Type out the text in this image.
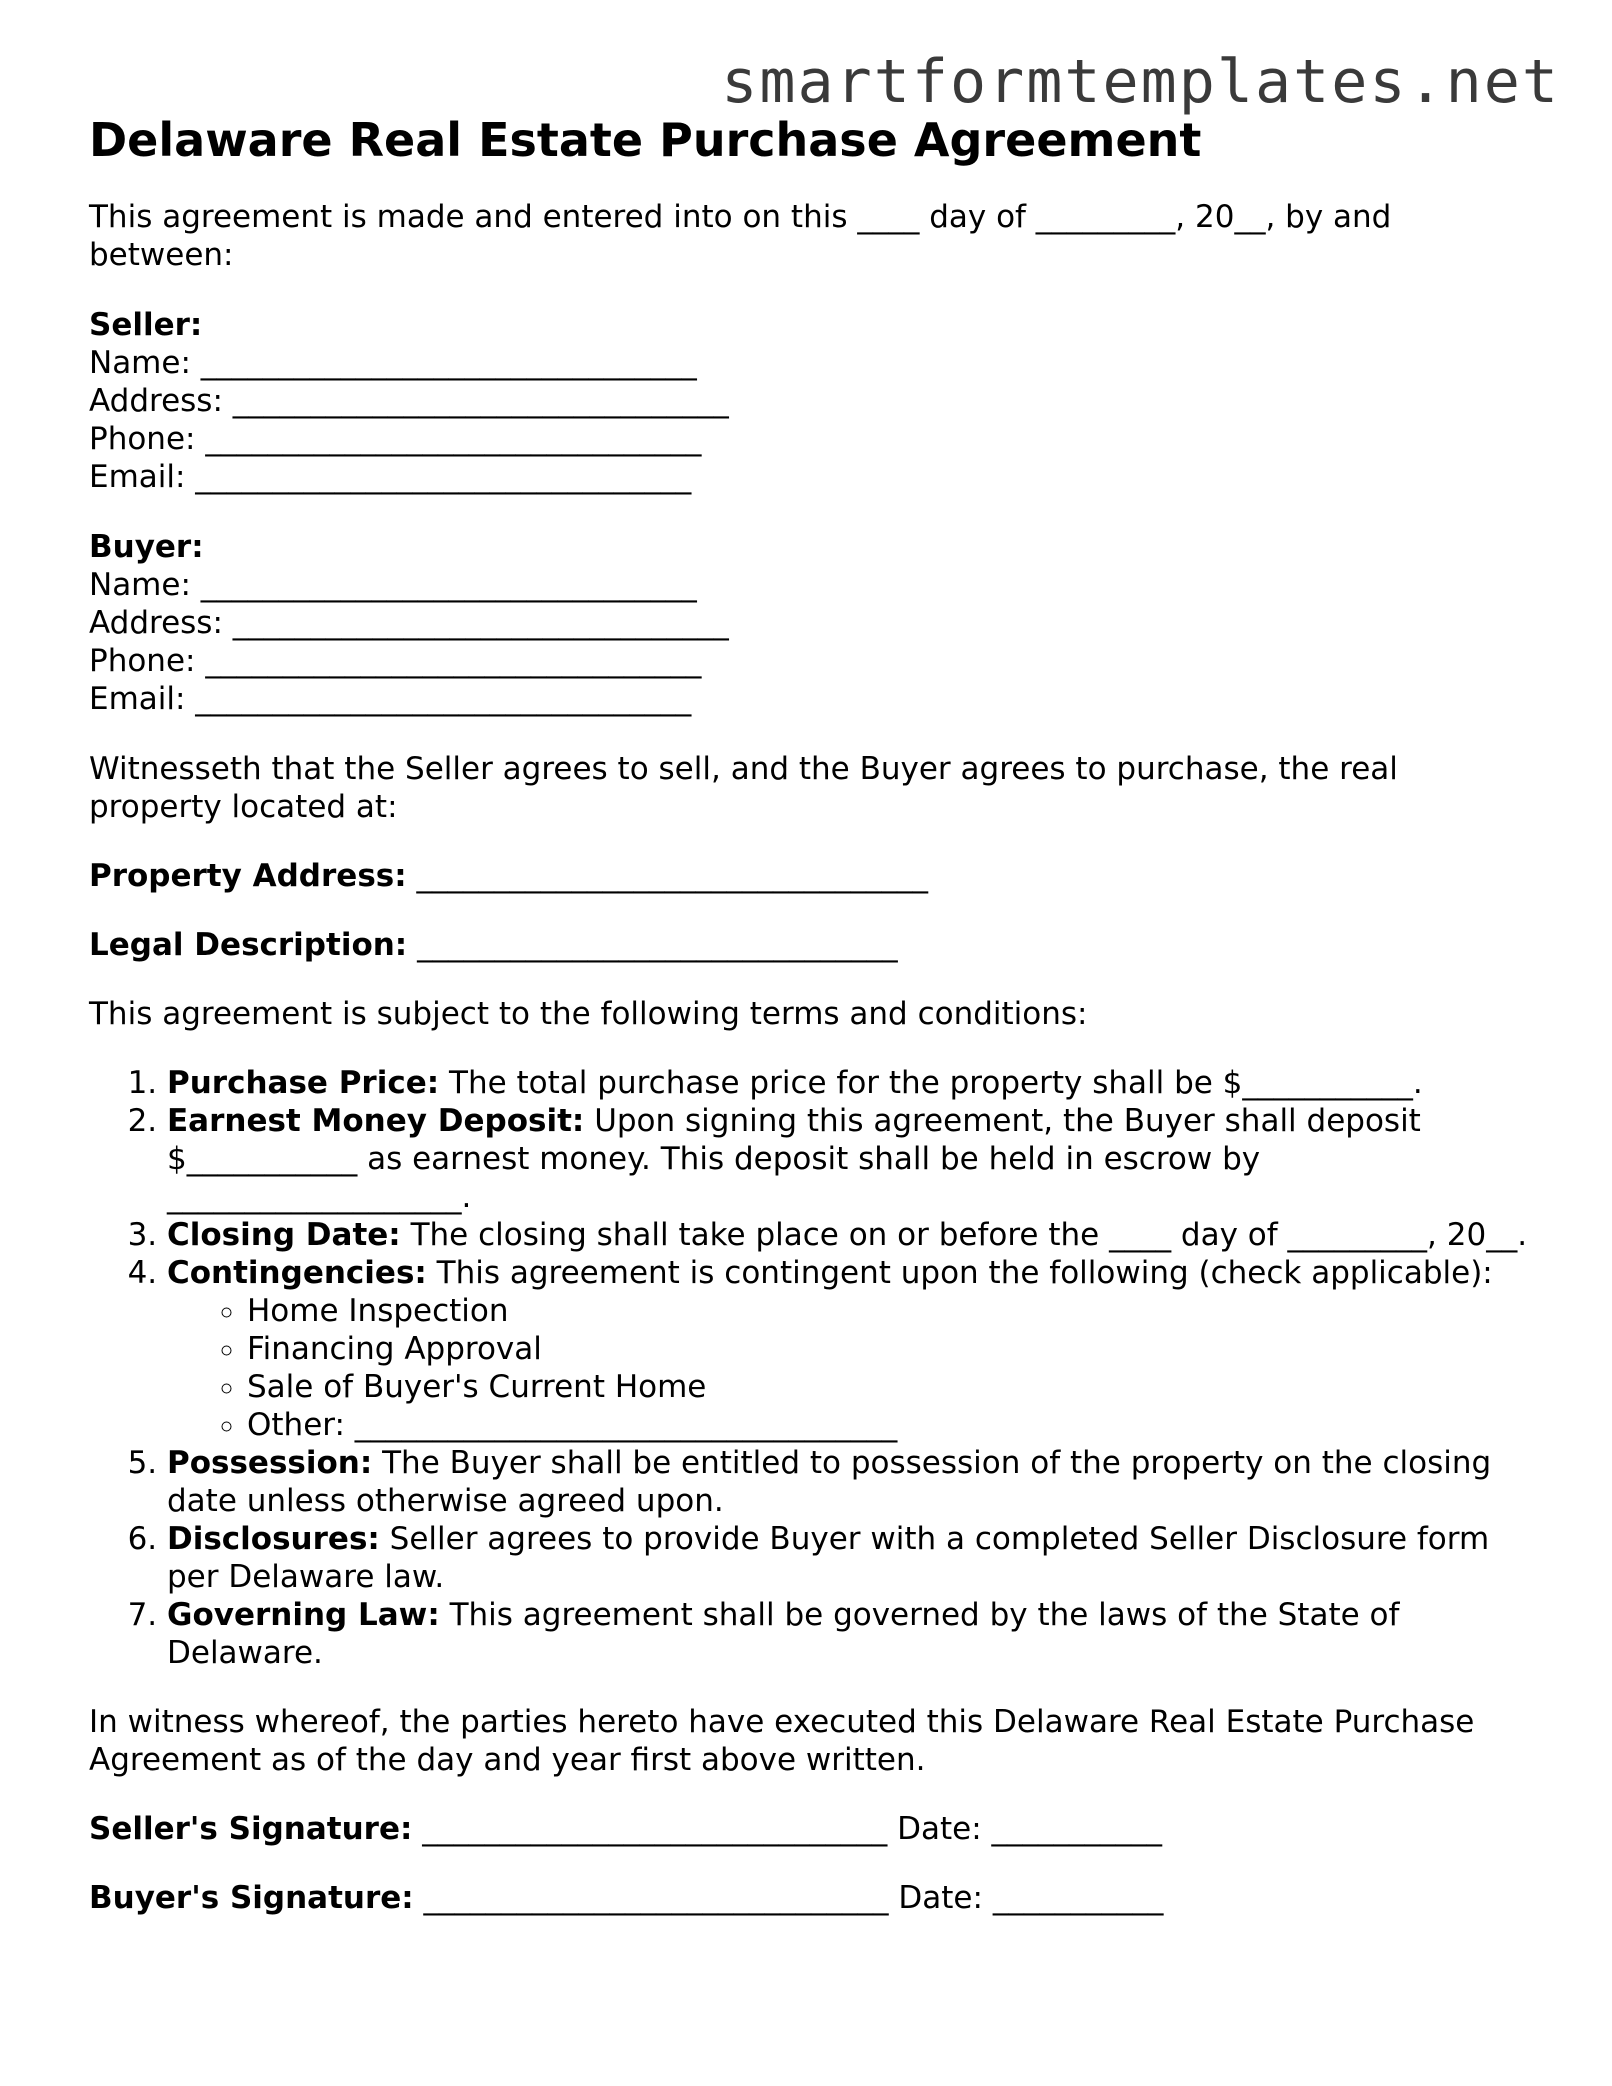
smartformtemplates.net
Delaware Real Estate Purchase Agreement

This agreement is made and entered into on this ____ day of _________, 20__, by and between:

Seller:
Name: ________________________________
Address: ________________________________
Phone: ________________________________
Email: ________________________________
Buyer:
Name: ________________________________
Address: ________________________________
Phone: ________________________________
Email: ________________________________

Witnesseth that the Seller agrees to sell, and the Buyer agrees to purchase, the real property located at:

Property Address: _________________________________

Legal Description: _______________________________

This agreement is subject to the following terms and conditions:

1. Purchase Price: The total purchase price for the property shall be $___________.
2. Earnest Money Deposit: Upon signing this agreement, the Buyer shall deposit $___________ as earnest money. This deposit shall be held in escrow by ___________________.
3. Closing Date: The closing shall take place on or before the ____ day of _________, 20__.
4. Contingencies: This agreement is contingent upon the following (check applicable):
◦ Home Inspection
◦ Financing Approval
◦ Sale of Buyer's Current Home
◦ Other: ___________________________________
5. Possession: The Buyer shall be entitled to possession of the property on the closing date unless otherwise agreed upon.
6. Disclosures: Seller agrees to provide Buyer with a completed Seller Disclosure form per Delaware law.
7. Governing Law: This agreement shall be governed by the laws of the State of Delaware.

In witness whereof, the parties hereto have executed this Delaware Real Estate Purchase Agreement as of the day and year first above written.

Seller's Signature: ______________________________ Date: ___________

Buyer's Signature: ______________________________ Date: ___________
